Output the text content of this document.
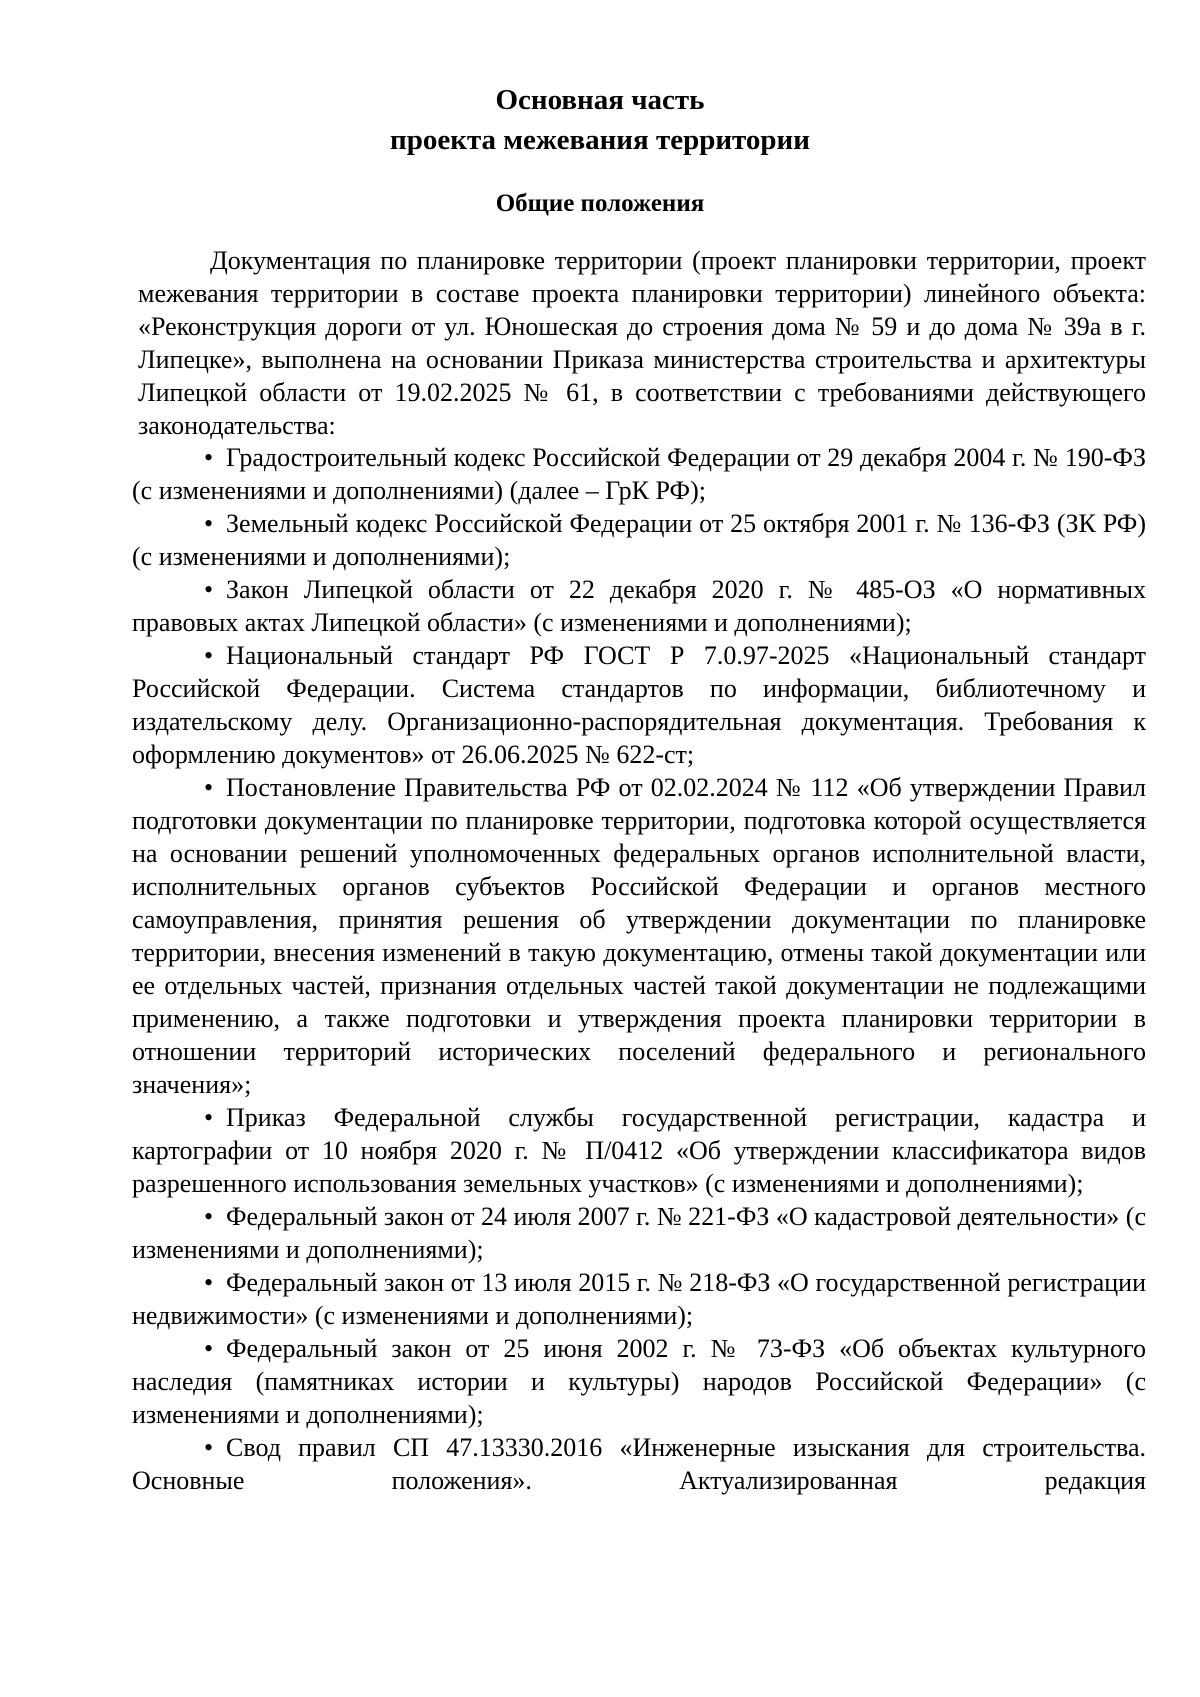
Основная часть
проекта межевания территории
Общие положения

Документация по планировке территории (проект планировки территории, проект межевания территории в составе проекта планировки территории) линейного объекта: «Реконструкция дороги от ул. Юношеская до строения дома № 59 и до дома № 39а в г. Липецке», выполнена на основании Приказа министерства строительства и архитектуры Липецкой области от 19.02.2025 № 61, в соответствии с требованиями действующего законодательства:

• Градостроительный кодекс Российской Федерации от 29 декабря 2004 г. № 190-ФЗ (с изменениями и дополнениями) (далее – ГрК РФ);
• Земельный кодекс Российской Федерации от 25 октября 2001 г. № 136-ФЗ (ЗК РФ) (с изменениями и дополнениями);
• Закон Липецкой области от 22 декабря 2020 г. № 485-ОЗ «О нормативных правовых актах Липецкой области» (с изменениями и дополнениями);
• Национальный стандарт РФ ГОСТ Р 7.0.97-2025 «Национальный стандарт Российской Федерации. Система стандартов по информации, библиотечному и издательскому делу. Организационно-распорядительная документация. Требования к оформлению документов» от 26.06.2025 № 622-ст;
• Постановление Правительства РФ от 02.02.2024 № 112 «Об утверждении Правил подготовки документации по планировке территории, подготовка которой осуществляется на основании решений уполномоченных федеральных органов исполнительной власти, исполнительных органов субъектов Российской Федерации и органов местного самоуправления, принятия решения об утверждении документации по планировке территории, внесения изменений в такую документацию, отмены такой документации или ее отдельных частей, признания отдельных частей такой документации не подлежащими применению, а также подготовки и утверждения проекта планировки территории в отношении территорий исторических поселений федерального и регионального значения»;
• Приказ Федеральной службы государственной регистрации, кадастра и картографии от 10 ноября 2020 г. № П/0412 «Об утверждении классификатора видов разрешенного использования земельных участков» (с изменениями и дополнениями);
• Федеральный закон от 24 июля 2007 г. № 221-ФЗ «О кадастровой деятельности» (с изменениями и дополнениями);
• Федеральный закон от 13 июля 2015 г. № 218-ФЗ «О государственной регистрации недвижимости» (с изменениями и дополнениями);
• Федеральный закон от 25 июня 2002 г. № 73-ФЗ «Об объектах культурного наследия (памятниках истории и культуры) народов Российской Федерации» (с изменениями и дополнениями);
• Свод правил СП 47.13330.2016 «Инженерные изыскания для строительства. Основные положения». Актуализированная редакция
